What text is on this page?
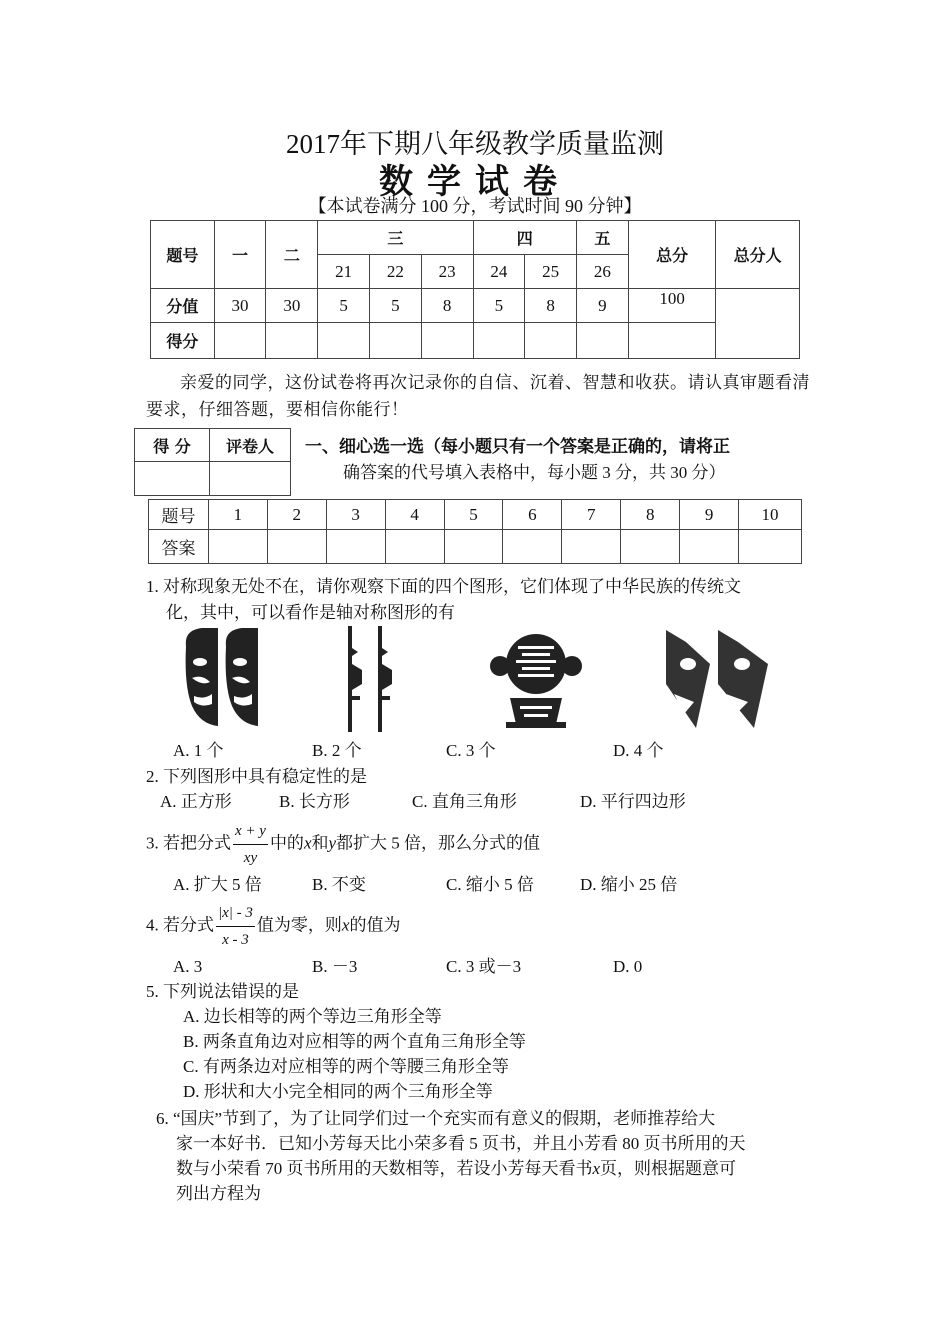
2017年下期八年级教学质量监测
数学试卷
【本试卷满分 100 分，考试时间 90 分钟】
题号	一	二	三			四		五	总分	总分人
			21	22	23	24	25	26		
分值	30	30	5	5	8	5	8	9	100	
得分										
亲爱的同学，这份试卷将再次记录你的自信、沉着、智慧和收获。请认真审题看清要求，仔细答题，要相信你能行！
得 分	评卷人
	一、细心选一选（每小题只有一个答案是正确的，请将正
确答案的代号填入表格中，每小题 3 分，共 30 分）
题号	1	2	3	4	5	6	7	8	9	10
答案										
1. 对称现象无处不在，请你观察下面的四个图形，它们体现了中华民族的传统文
化，其中，可以看作是轴对称图形的有
A. 1 个	B. 2 个	C. 3 个	D. 4 个
2. 下列图形中具有稳定性的是
A. 正方形	B. 长方形	C. 直角三角形	D. 平行四边形
3. 若把分式 $\frac{x + y}{xy}$ 中的x和y都扩大 5 倍，那么分式的值
A. 扩大 5 倍	B. 不变	C. 缩小 5 倍	D. 缩小 25 倍
4. 若分式 $\frac{|x| - 3}{x - 3}$ 值为零，则x的值为
A. 3	B. －3	C. 3 或－3	D. 0
5. 下列说法错误的是
A. 边长相等的两个等边三角形全等
B. 两条直角边对应相等的两个直角三角形全等
C. 有两条边对应相等的两个等腰三角形全等
D. 形状和大小完全相同的两个三角形全等
6. “国庆”节到了，为了让同学们过一个充实而有意义的假期，老师推荐给大
家一本好书．已知小芳每天比小荣多看 5 页书，并且小芳看 80 页书所用的天
数与小荣看 70 页书所用的天数相等，若设小芳每天看书x页，则根据题意可
列出方程为
